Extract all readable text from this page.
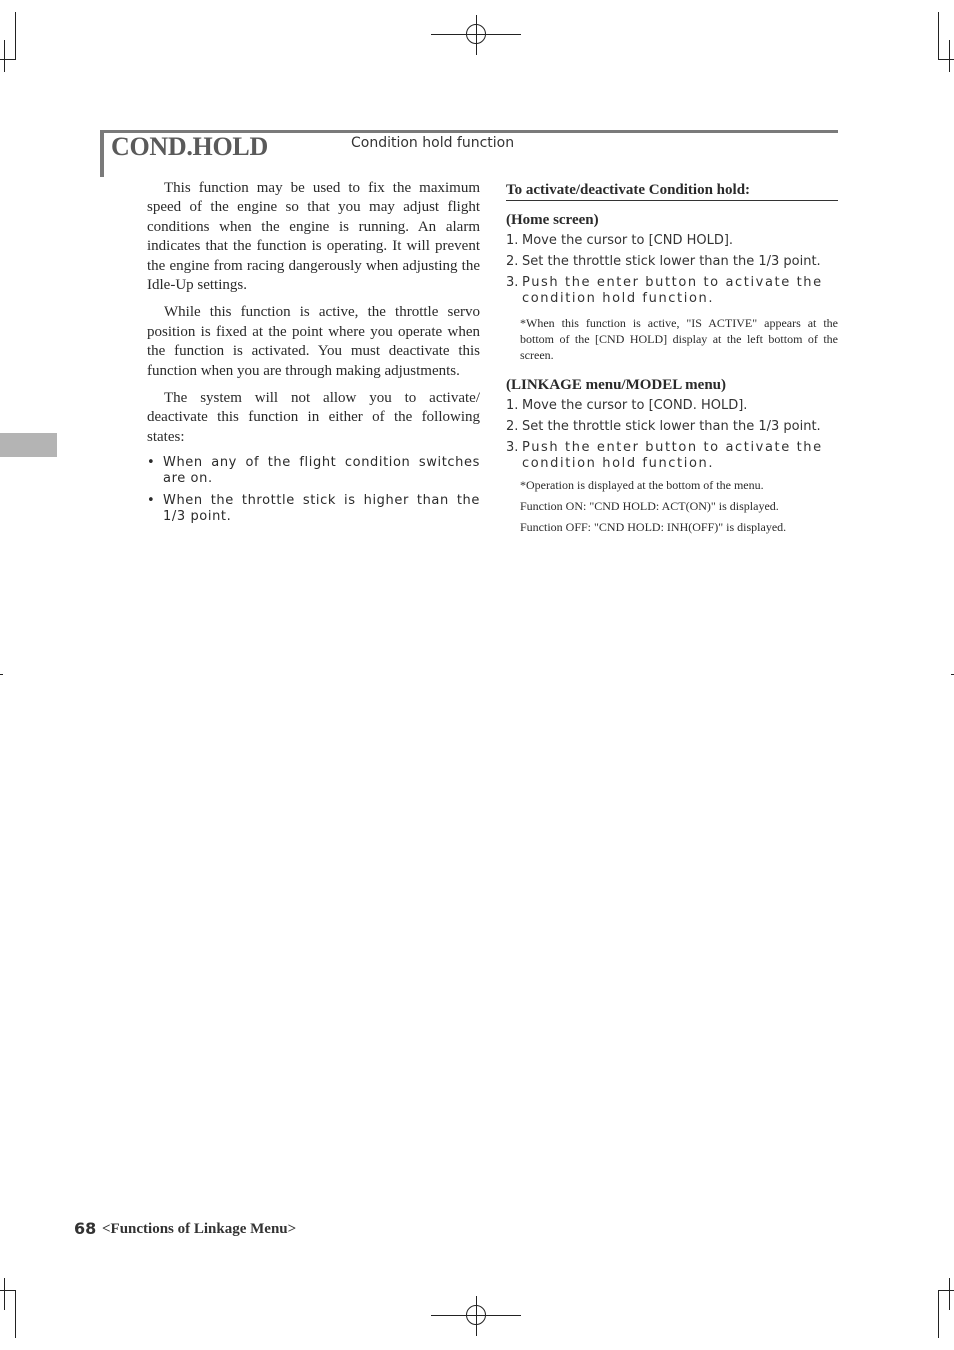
COND.HOLD	Condition hold function

This function may be used to fix the maximum speed of the engine so that you may adjust flight conditions when the engine is running. An alarm indicates that the function is operating. It will prevent the engine from racing dangerously when adjusting the Idle-Up settings.

While this function is active, the throttle servo position is fixed at the point where you operate when the function is activated. You must deactivate this function when you are through making adjustments.

The system will not allow you to activate/ deactivate this function in either of the following states:

• When any of the flight condition switches are on.
• When the throttle stick is higher than the 1/3 point.
To activate/deactivate Condition hold:
(Home screen)
1. Move the cursor to [CND HOLD].
2. Set the throttle stick lower than the 1/3 point.
3. Push the enter button to activate the condition hold function.
*When this function is active, "IS ACTIVE" appears at the bottom of the [CND HOLD] display at the left bottom of the screen.
(LINKAGE menu/MODEL menu)
1. Move the cursor to [COND. HOLD].
2. Set the throttle stick lower than the 1/3 point.
3. Push the enter button to activate the condition hold function.
*Operation is displayed at the bottom of the menu.
Function ON: "CND HOLD: ACT(ON)" is displayed.
Function OFF: "CND HOLD: INH(OFF)" is displayed.
68 <Functions of Linkage Menu>
